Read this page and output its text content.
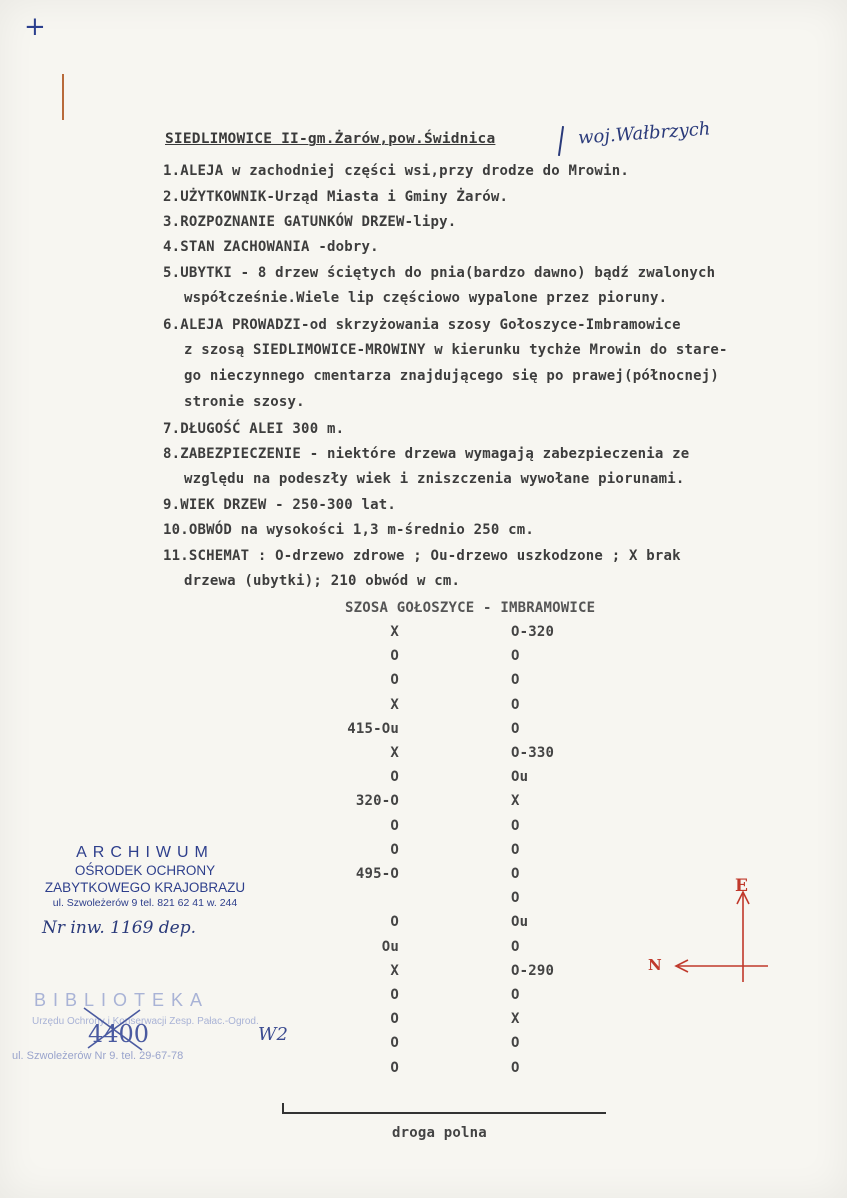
+
SIEDLIMOWICE II-gm.Żarów,pow.Świdnica	woj.Wałbrzych
1.ALEJA w zachodniej części wsi,przy drodze do Mrowin.
2.UŻYTKOWNIK-Urząd Miasta i Gminy Żarów.
3.ROZPOZNANIE GATUNKÓW DRZEW-lipy.
4.STAN ZACHOWANIA -dobry.
5.UBYTKI - 8 drzew ściętych do pnia(bardzo dawno) bądź zwalonych
współcześnie.Wiele lip częściowo wypalone przez pioruny.
6.ALEJA PROWADZI-od skrzyżowania szosy Gołoszyce-Imbramowice
z szosą SIEDLIMOWICE-MROWINY w kierunku tychże Mrowin do stare-
go nieczynnego cmentarza znajdującego się po prawej(północnej)
stronie szosy.
7.DŁUGOŚĆ ALEI 300 m.
8.ZABEZPIECZENIE - niektóre drzewa wymagają zabezpieczenia ze
względu na podeszły wiek i zniszczenia wywołane piorunami.
9.WIEK DRZEW - 250-300 lat.
10.OBWÓD na wysokości 1,3 m-średnio 250 cm.
11.SCHEMAT : O-drzewo zdrowe ; Ou-drzewo uszkodzone ; X brak
drzewa (ubytki); 210 obwód w cm.
SZOSA GOŁOSZYCE - IMBRAMOWICE
droga polna
E
N
ARCHIWUM
OŚRODEK OCHRONY
ZABYTKOWEGO KRAJOBRAZU
ul. Szwoleżerów 9 tel. 821 62 41 w. 244
Nr inw. 1169 dep.
BIBLIOTEKA
Urzędu Ochrony i Konserwacji Zesp. Pałac.-Ogrod.
ul. Szwoleżerów Nr 9. tel. 29-67-78
4400	W2
X
O
O
X
415-Ou
X
O
320-O
O
O
495-O
O
Ou
X
O
O
O
O
O-320
O
O
O
O
O-330
Ou
X
O
O
O
O
Ou
O
O-290
O
X
O
O
